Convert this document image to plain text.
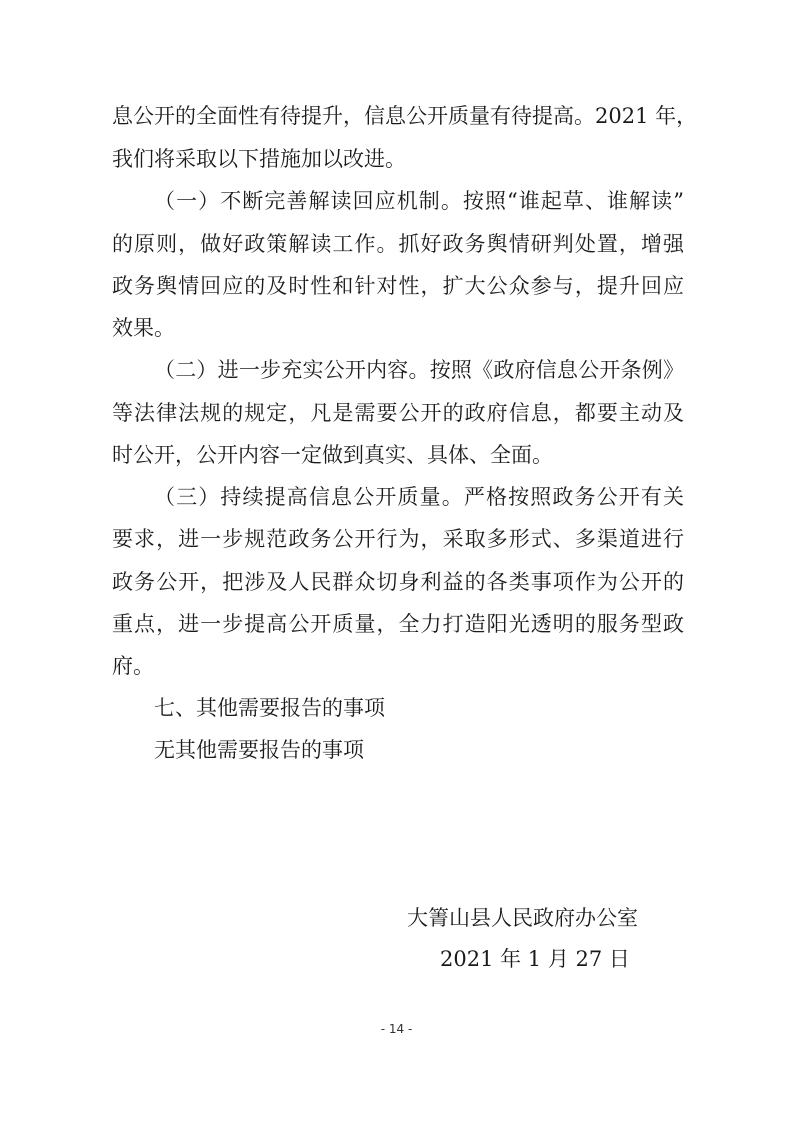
息公开的全面性有待提升，信息公开质量有待提高。2021 年，
我们将采取以下措施加以改进。
（一）不断完善解读回应机制。按照“谁起草、谁解读”
的原则，做好政策解读工作。抓好政务舆情研判处置，增强
政务舆情回应的及时性和针对性，扩大公众参与，提升回应
效果。
（二）进一步充实公开内容。按照《政府信息公开条例》
等法律法规的规定，凡是需要公开的政府信息，都要主动及
时公开，公开内容一定做到真实、具体、全面。
（三）持续提高信息公开质量。严格按照政务公开有关
要求，进一步规范政务公开行为，采取多形式、多渠道进行
政务公开，把涉及人民群众切身利益的各类事项作为公开的
重点，进一步提高公开质量，全力打造阳光透明的服务型政
府。
七、其他需要报告的事项
无其他需要报告的事项
大箐山县人民政府办公室
2021 年 1 月 27 日
- 14 -
